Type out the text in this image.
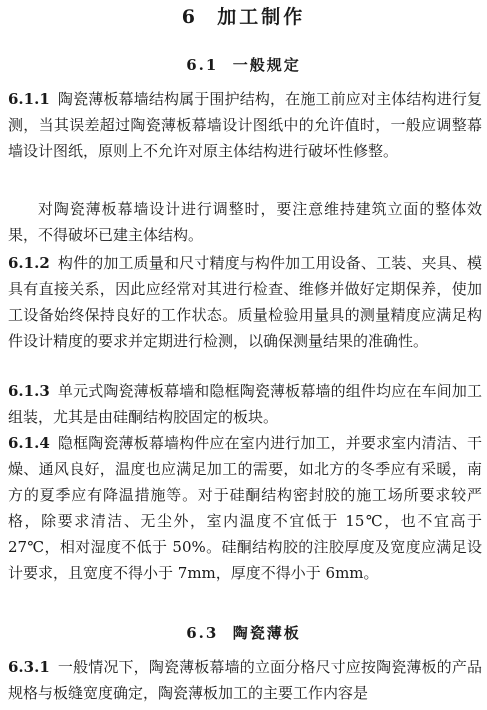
6 加工制作
6.1 一般规定

6.1.1 陶瓷薄板幕墙结构属于围护结构，在施工前应对主体结构进行复测，当其误差超过陶瓷薄板幕墙设计图纸中的允许值时，一般应调整幕墙设计图纸，原则上不允许对原主体结构进行破坏性修整。

对陶瓷薄板幕墙设计进行调整时，要注意维持建筑立面的整体效果，不得破坏已建主体结构。

6.1.2 构件的加工质量和尺寸精度与构件加工用设备、工装、夹具、模具有直接关系，因此应经常对其进行检查、维修并做好定期保养，使加工设备始终保持良好的工作状态。质量检验用量具的测量精度应满足构件设计精度的要求并定期进行检测，以确保测量结果的准确性。

6.1.3 单元式陶瓷薄板幕墙和隐框陶瓷薄板幕墙的组件均应在车间加工组装，尤其是由硅酮结构胶固定的板块。

6.1.4 隐框陶瓷薄板幕墙构件应在室内进行加工，并要求室内清洁、干燥、通风良好，温度也应满足加工的需要，如北方的冬季应有采暖，南方的夏季应有降温措施等。对于硅酮结构密封胶的施工场所要求较严格，除要求清洁、无尘外，室内温度不宜低于 15℃，也不宜高于 27℃，相对湿度不低于 50%。硅酮结构胶的注胶厚度及宽度应满足设计要求，且宽度不得小于 7mm，厚度不得小于 6mm。

6.3 陶瓷薄板

6.3.1 一般情况下，陶瓷薄板幕墙的立面分格尺寸应按陶瓷薄板的产品规格与板缝宽度确定，陶瓷薄板加工的主要工作内容是
